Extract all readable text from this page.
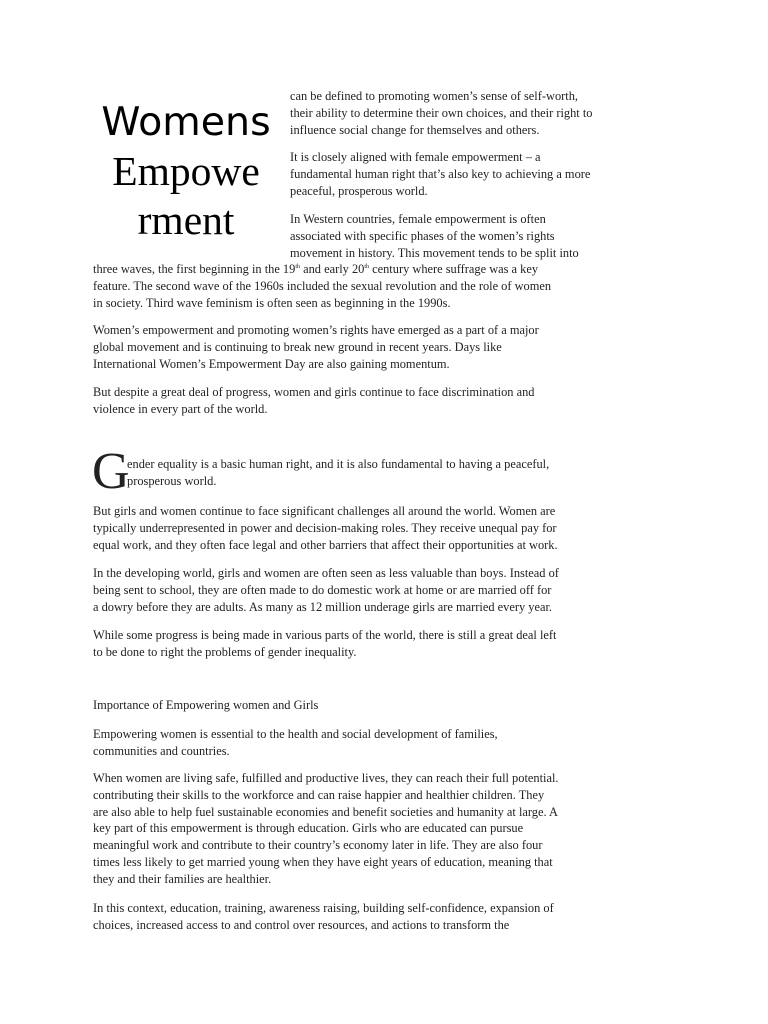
Womens
Empowe
rment

can be defined to promoting women’s sense of self-worth,
their ability to determine their own choices, and their right to
influence social change for themselves and others.

It is closely aligned with female empowerment – a
fundamental human right that’s also key to achieving a more
peaceful, prosperous world.

In Western countries, female empowerment is often
associated with specific phases of the women’s rights
movement in history. This movement tends to be split into

three waves, the first beginning in the 19th and early 20th century where suffrage was a key
feature. The second wave of the 1960s included the sexual revolution and the role of women
in society. Third wave feminism is often seen as beginning in the 1990s.

Women’s empowerment and promoting women’s rights have emerged as a part of a major
global movement and is continuing to break new ground in recent years. Days like
International Women’s Empowerment Day are also gaining momentum.

But despite a great deal of progress, women and girls continue to face discrimination and
violence in every part of the world.

G

ender equality is a basic human right, and it is also fundamental to having a peaceful,
prosperous world.

But girls and women continue to face significant challenges all around the world. Women are
typically underrepresented in power and decision-making roles. They receive unequal pay for
equal work, and they often face legal and other barriers that affect their opportunities at work.

In the developing world, girls and women are often seen as less valuable than boys. Instead of
being sent to school, they are often made to do domestic work at home or are married off for
a dowry before they are adults. As many as 12 million underage girls are married every year.

While some progress is being made in various parts of the world, there is still a great deal left
to be done to right the problems of gender inequality.

Importance of Empowering women and Girls

Empowering women is essential to the health and social development of families,
communities and countries.

When women are living safe, fulfilled and productive lives, they can reach their full potential.
contributing their skills to the workforce and can raise happier and healthier children. They
are also able to help fuel sustainable economies and benefit societies and humanity at large. A
key part of this empowerment is through education. Girls who are educated can pursue
meaningful work and contribute to their country’s economy later in life. They are also four
times less likely to get married young when they have eight years of education, meaning that
they and their families are healthier.

In this context, education, training, awareness raising, building self-confidence, expansion of
choices, increased access to and control over resources, and actions to transform the
